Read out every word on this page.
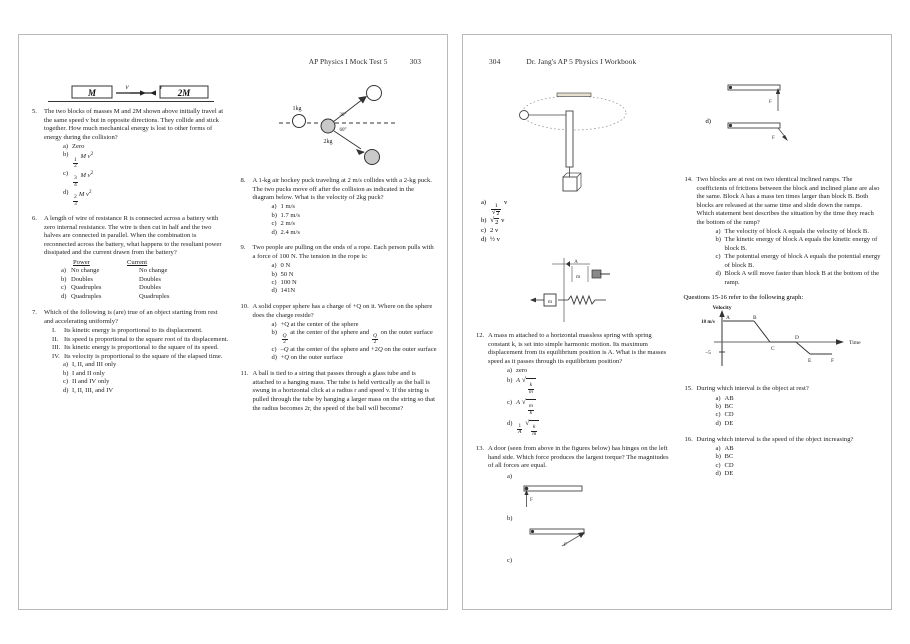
AP Physics I Mock Test 5	303
M	2M
v	v
5.	The two blocks of masses M and 2M shown above initially travel at the same speed v but in opposite directions. They collide and stick together. How much mechanical energy is lost to other forms of energy during the collision?
a) Zero
b)
$\frac{1}{2}$
M $v^2$
c)
$\frac{3}{4}$
M $v^2$
d)
$\frac{2}{3}$
M $v^2$
6.	A length of wire of resistance R is connected across a battery with zero internal resistance. The wire is then cut in half and the two halves are connected in parallel. When the combination is reconnected across the battery, what happens to the resultant power dissipated and the current drawn from the battery?
Power	Current
a) No change	No change
b) Doubles	Doubles
c) Quadruples	Doubles
d) Quadruples	Quadruples
7.	Which of the following is (are) true of an object starting from rest and accelerating uniformly?
I.	Its kinetic energy is proportional to its displacement.
II. Its speed is proportional to the square root of its displacement.
III. Its kinetic energy is proportional to the square of its speed.
IV. Its velocity is proportional to the square of the elapsed time.
a) I, II, and III only
b) I and II only
c) II and IV only
d) I, II, III, and IV
1kg
2kg
30°
60°
8.	A 1-kg air hockey puck traveling at 2 m/s collides with a 2-kg puck. The two pucks move off after the collision as indicated in the diagram below. What is the velocity of 2kg puck?
a) 1 m/s
b) 1.7 m/s
c) 2 m/s
d) 2.4 m/s
9.	Two people are pulling on the ends of a rope. Each person pulls with a force of 100 N. The tension in the rope is:
a) 0 N
b) 50 N
c) 100 N
d) 141N
10. A solid copper sphere has a charge of +Q on it. Where on the sphere does the charge reside?
a) +Q at the center of the sphere
b)
$\frac{Q}{2}$
at the center of the sphere and
$\frac{Q}{2}$
on the outer surface
c) –Q at the center of the sphere and +2Q on the outer surface
d) +Q on the outer surface
11. A ball is tied to a siring that passes through a glass tube and is attached to a hanging mass. The tube is held vertically as the ball is swung in a horizontal click at a radius r and speed v. If the string is pulled through the tube by hanging a larger mass on the string so that the radius becomes 2r, the speed of the ball will become?
304	Dr. Jang's AP 5 Physics I Workbook
a)
$\frac{1}{√ 2}$
v
b) √ 2 v
c) 2 v
d) ½ v
A
m
m
12. A mass m attached to a horizontal massless spring with spring constant k, is set into simple harmonic motion. Its maximum displacement from its equilibrium position is A. What is the masses speed as it passes through its equilibrium position?
a) zero
b) A √
$\frac{k}{m}$
c) A √
$\frac{m}{k}$
d)
$\frac{1}{A}$

√
$\frac{k}{m}$
13. A door (seen from above in the figures below) has hinges on the left hand side. Which force produces the largest torque? The magnitudes of all forces are equal.
a)
F
b)
F
c)
F
d)
F
14. Two blocks are at rest on two identical inclined ramps. The coefficients of frictions between the block and inclined plane are also the same. Block A has a mass ten times larger than block B. Both blocks are released at the same time and slide down the ramps. Which statement best describes the situation by the time they reach the bottom of the ramp?
a) The velocity of block A equals the velocity of block B.
b) The kinetic energy of block A equals the kinetic energy of block B.
c) The potential energy of block A equals the potential energy of block B.
d) Block A will move faster than block B at the bottom of the ramp.
Questions 15-16 refer to the following graph:
Velocity
Time
10 m/s
−5
A	B
C
D
E	F
15. During which interval is the object at rest?
a) AB
b) BC
c) CD
d) DE
16. During which interval is the speed of the object increasing?
a) AB
b) BC
c) CD
d) DE
